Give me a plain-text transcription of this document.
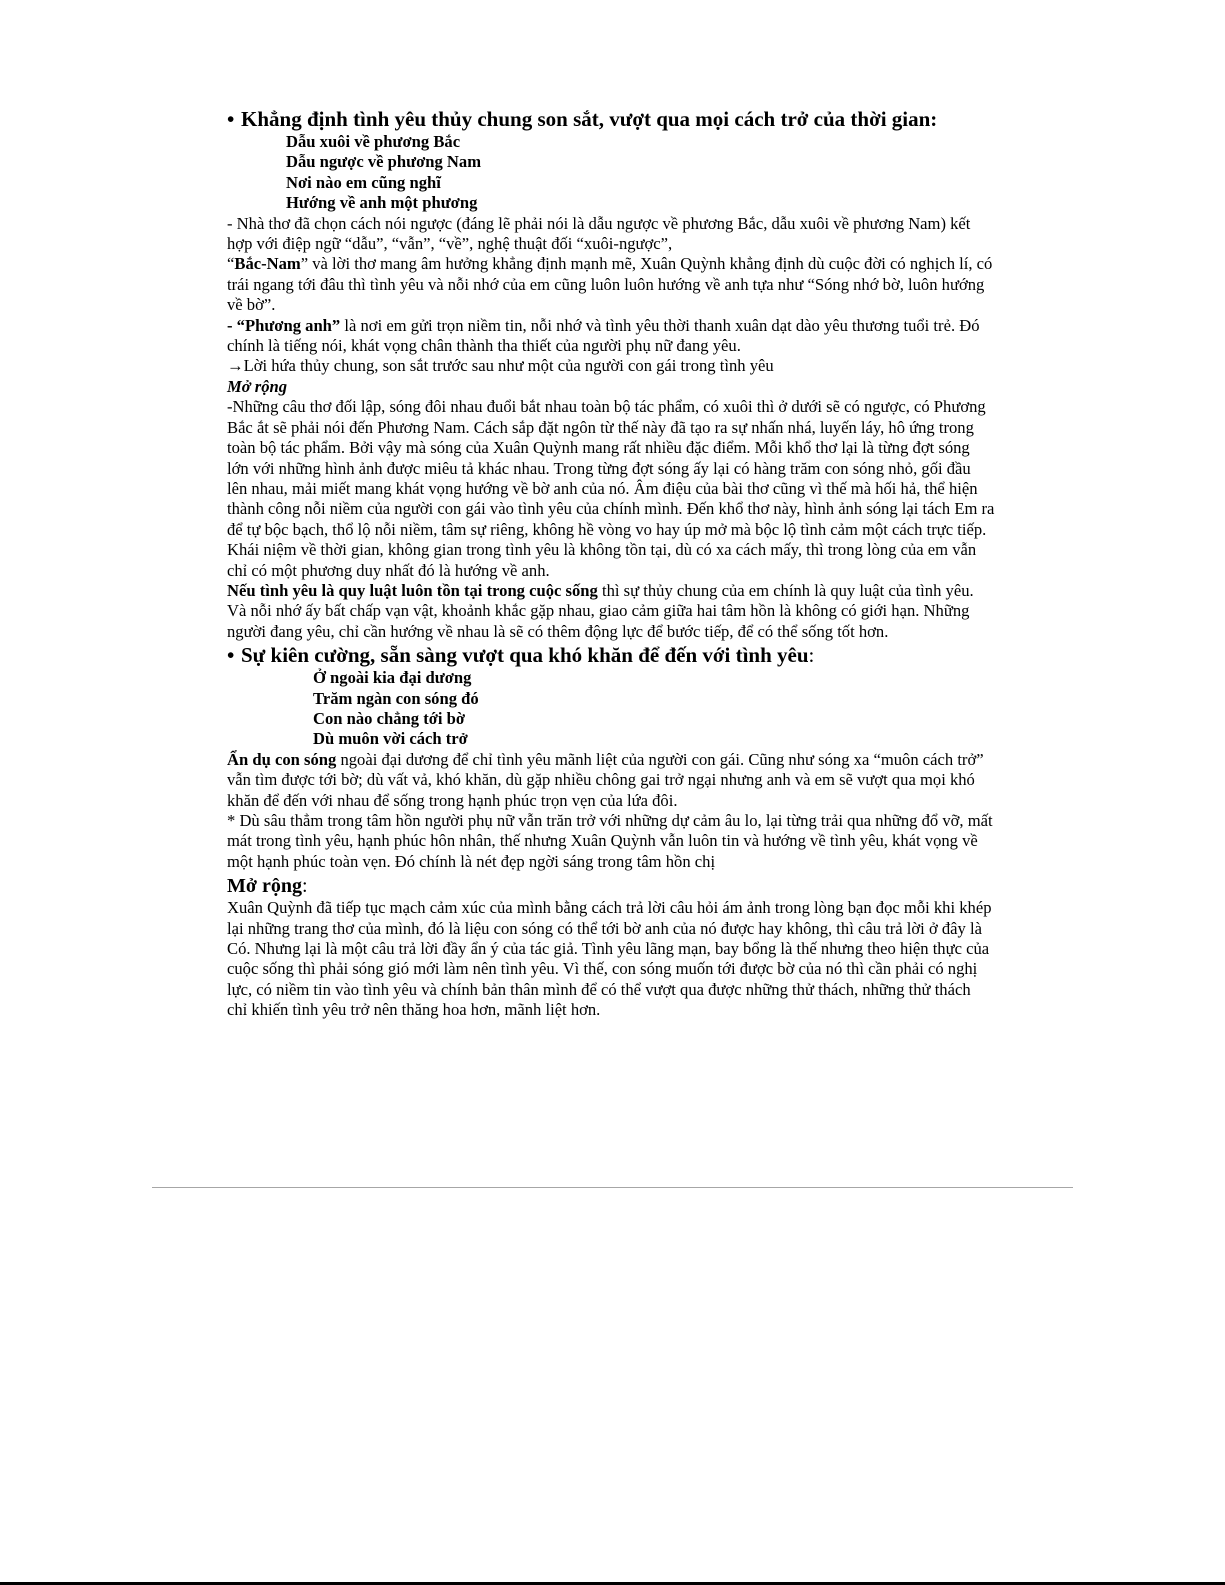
• Khẳng định tình yêu thủy chung son sắt, vượt qua mọi cách trở của thời gian:

Dẫu xuôi về phương Bắc
Dẫu ngược về phương Nam
Nơi nào em cũng nghĩ
Hướng về anh một phương

- Nhà thơ đã chọn cách nói ngược (đáng lẽ phải nói là dẫu ngược về phương Bắc, dẫu xuôi về phương Nam) kết hợp với điệp ngữ “dẫu”, “vẫn”, “về”, nghệ thuật đối “xuôi-ngược”,

“Bắc-Nam” và lời thơ mang âm hưởng khẳng định mạnh mẽ, Xuân Quỳnh khẳng định dù cuộc đời có nghịch lí, có trái ngang tới đâu thì tình yêu và nỗi nhớ của em cũng luôn luôn hướng về anh tựa như “Sóng nhớ bờ, luôn hướng về bờ”.

- “Phương anh” là nơi em gửi trọn niềm tin, nỗi nhớ và tình yêu thời thanh xuân dạt dào yêu thương tuổi trẻ. Đó chính là tiếng nói, khát vọng chân thành tha thiết của người phụ nữ đang yêu.

→Lời hứa thủy chung, son sắt trước sau như một của người con gái trong tình yêu

Mở rộng

-Những câu thơ đối lập, sóng đôi nhau đuổi bắt nhau toàn bộ tác phẩm, có xuôi thì ở dưới sẽ có ngược, có Phương Bắc ắt sẽ phải nói đến Phương Nam. Cách sắp đặt ngôn từ thế này đã tạo ra sự nhấn nhá, luyến láy, hô ứng trong toàn bộ tác phẩm. Bởi vậy mà sóng của Xuân Quỳnh mang rất nhiều đặc điểm. Mỗi khổ thơ lại là từng đợt sóng lớn với những hình ảnh được miêu tả khác nhau. Trong từng đợt sóng ấy lại có hàng trăm con sóng nhỏ, gối đầu lên nhau, mải miết mang khát vọng hướng về bờ anh của nó. Âm điệu của bài thơ cũng vì thế mà hối hả, thể hiện thành công nỗi niềm của người con gái vào tình yêu của chính mình. Đến khổ thơ này, hình ảnh sóng lại tách Em ra để tự bộc bạch, thổ lộ nỗi niềm, tâm sự riêng, không hề vòng vo hay úp mở mà bộc lộ tình cảm một cách trực tiếp. Khái niệm về thời gian, không gian trong tình yêu là không tồn tại, dù có xa cách mấy, thì trong lòng của em vẫn chỉ có một phương duy nhất đó là hướng về anh.

Nếu tình yêu là quy luật luôn tồn tại trong cuộc sống thì sự thủy chung của em chính là quy luật của tình yêu. Và nỗi nhớ ấy bất chấp vạn vật, khoảnh khắc gặp nhau, giao cảm giữa hai tâm hồn là không có giới hạn. Những người đang yêu, chỉ cần hướng về nhau là sẽ có thêm động lực để bước tiếp, để có thể sống tốt hơn.

• Sự kiên cường, sẵn sàng vượt qua khó khăn để đến với tình yêu:

Ở ngoài kia đại dương
Trăm ngàn con sóng đó
Con nào chẳng tới bờ
Dù muôn vời cách trở

Ẩn dụ con sóng ngoài đại dương để chỉ tình yêu mãnh liệt của người con gái. Cũng như sóng xa “muôn cách trở” vẫn tìm được tới bờ; dù vất vả, khó khăn, dù gặp nhiều chông gai trở ngại nhưng anh và em sẽ vượt qua mọi khó khăn để đến với nhau để sống trong hạnh phúc trọn vẹn của lứa đôi.

* Dù sâu thẳm trong tâm hồn người phụ nữ vẫn trăn trở với những dự cảm âu lo, lại từng trải qua những đổ vỡ, mất mát trong tình yêu, hạnh phúc hôn nhân, thế nhưng Xuân Quỳnh vẫn luôn tin và hướng về tình yêu, khát vọng về một hạnh phúc toàn vẹn. Đó chính là nét đẹp ngời sáng trong tâm hồn chị

Mở rộng:

Xuân Quỳnh đã tiếp tục mạch cảm xúc của mình bằng cách trả lời câu hỏi ám ảnh trong lòng bạn đọc mỗi khi khép lại những trang thơ của mình, đó là liệu con sóng có thể tới bờ anh của nó được hay không, thì câu trả lời ở đây là Có. Nhưng lại là một câu trả lời đầy ẩn ý của tác giả. Tình yêu lãng mạn, bay bổng là thế nhưng theo hiện thực của cuộc sống thì phải sóng gió mới làm nên tình yêu. Vì thế, con sóng muốn tới được bờ của nó thì cần phải có nghị lực, có niềm tin vào tình yêu và chính bản thân mình để có thể vượt qua được những thử thách, những thử thách chỉ khiến tình yêu trở nên thăng hoa hơn, mãnh liệt hơn.
